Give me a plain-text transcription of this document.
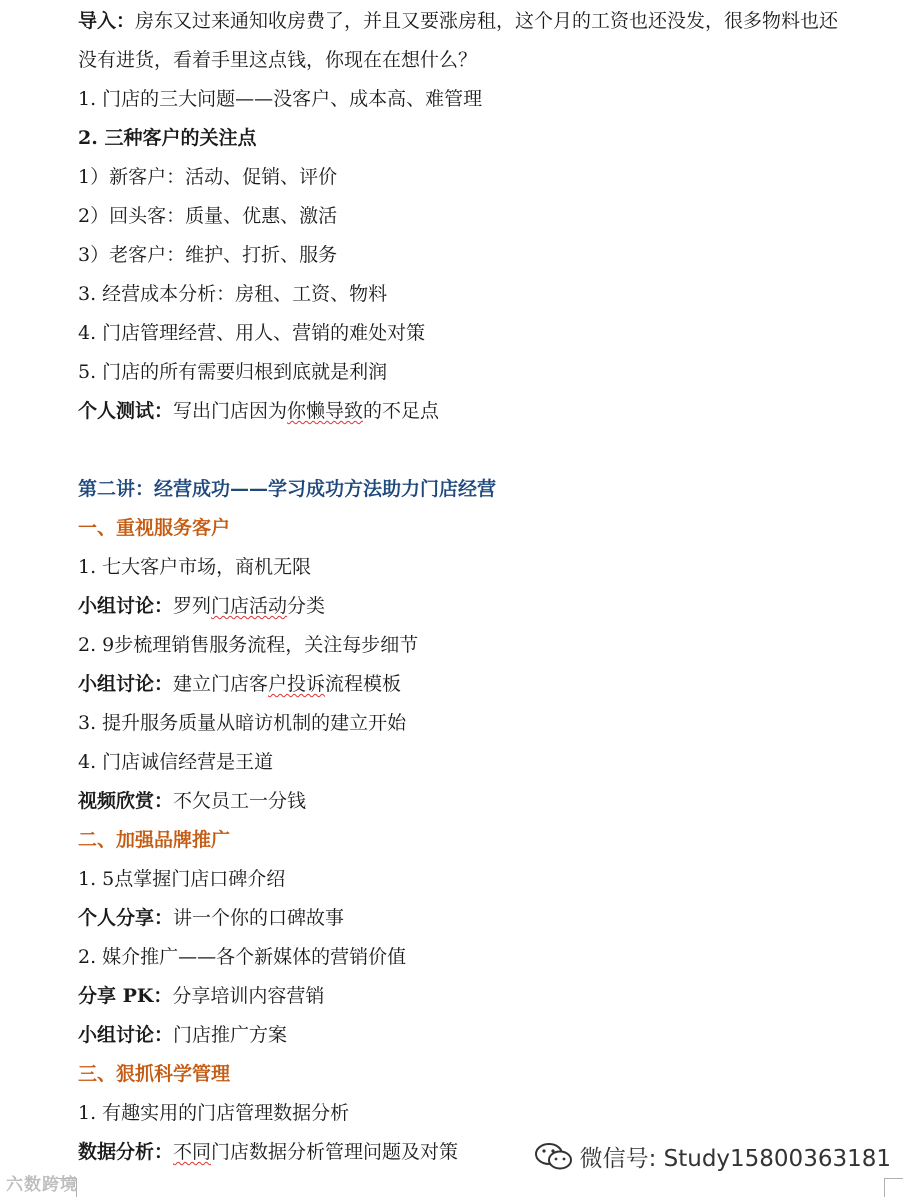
导入：房东又过来通知收房费了，并且又要涨房租，这个月的工资也还没发，很多物料也还
没有进货，看着手里这点钱，你现在在想什么？
1. 门店的三大问题——没客户、成本高、难管理
2. 三种客户的关注点
1）新客户：活动、促销、评价
2）回头客：质量、优惠、激活
3）老客户：维护、打折、服务
3. 经营成本分析：房租、工资、物料
4. 门店管理经营、用人、营销的难处对策
5. 门店的所有需要归根到底就是利润
个人测试：写出门店因为你懒导致的不足点
第二讲：经营成功——学习成功方法助力门店经营
一、重视服务客户
1. 七大客户市场，商机无限
小组讨论：罗列门店活动分类
2. 9步梳理销售服务流程，关注每步细节
小组讨论：建立门店客户投诉流程模板
3. 提升服务质量从暗访机制的建立开始
4. 门店诚信经营是王道
视频欣赏：不欠员工一分钱
二、加强品牌推广
1. 5点掌握门店口碑介绍
个人分享：讲一个你的口碑故事
2. 媒介推广——各个新媒体的营销价值
分享 PK：分享培训内容营销
小组讨论：门店推广方案
三、狠抓科学管理
1. 有趣实用的门店管理数据分析
数据分析：不同门店数据分析管理问题及对策
六数跨境
微信号: Study15800363181
